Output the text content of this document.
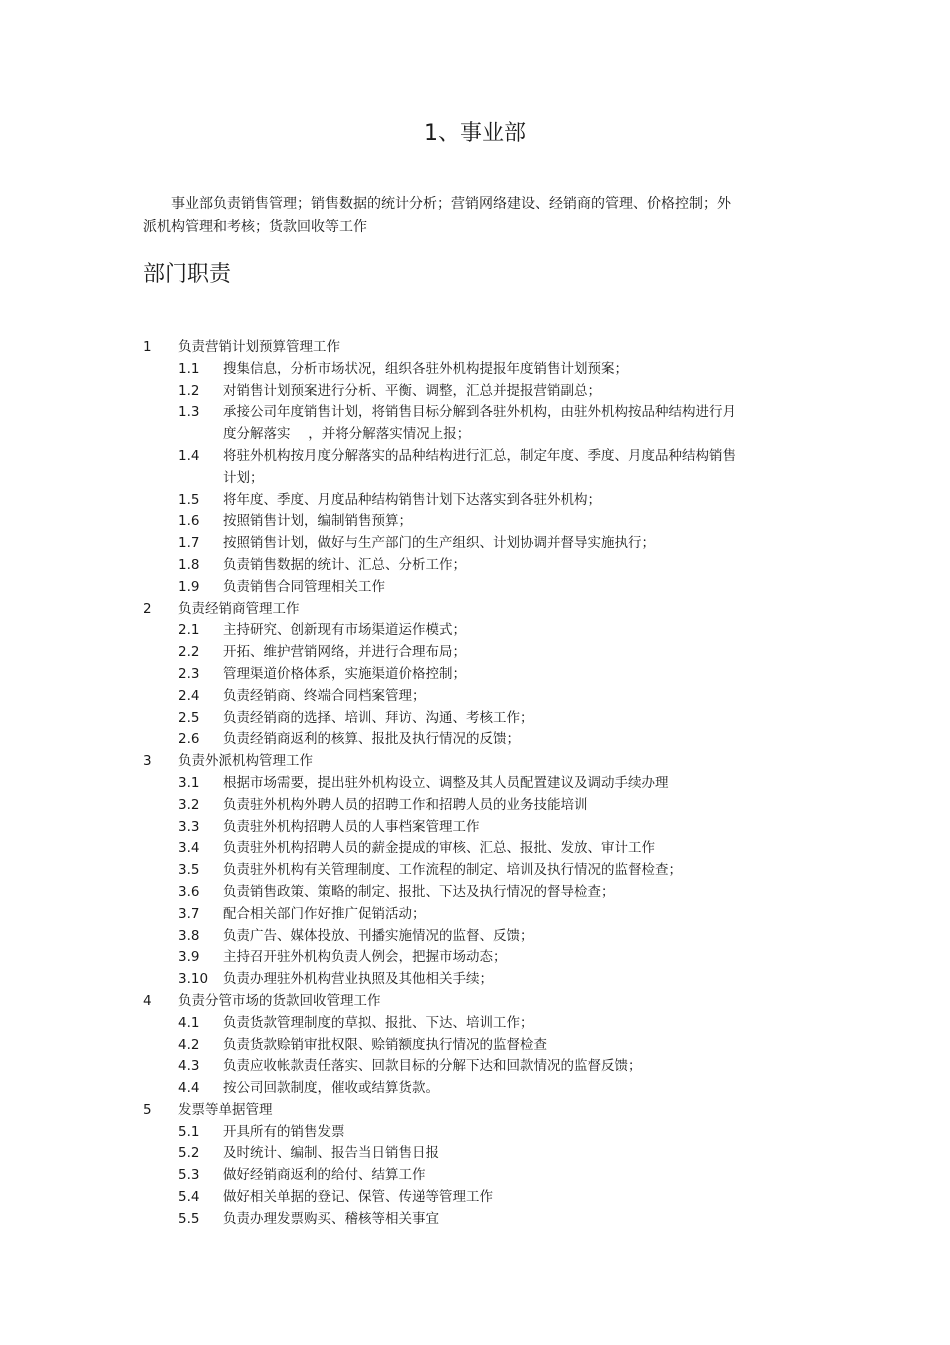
1、事业部

事业部负责销售管理；销售数据的统计分析；营销网络建设、经销商的管理、价格控制；外派机构管理和考核；货款回收等工作

部门职责
1	负责营销计划预算管理工作
1.1	搜集信息，分析市场状况，组织各驻外机构提报年度销售计划预案；
1.2	对销售计划预案进行分析、平衡、调整，汇总并提报营销副总；
1.3	承接公司年度销售计划，将销售目标分解到各驻外机构，由驻外机构按品种结构进行月度分解落实　 ，并将分解落实情况上报；
1.4	将驻外机构按月度分解落实的品种结构进行汇总，制定年度、季度、月度品种结构销售计划；
1.5	将年度、季度、月度品种结构销售计划下达落实到各驻外机构；
1.6	按照销售计划，编制销售预算；
1.7	按照销售计划，做好与生产部门的生产组织、计划协调并督导实施执行；
1.8	负责销售数据的统计、汇总、分析工作；
1.9	负责销售合同管理相关工作
2	负责经销商管理工作
2.1	主持研究、创新现有市场渠道运作模式；
2.2	开拓、维护营销网络，并进行合理布局；
2.3	管理渠道价格体系，实施渠道价格控制；
2.4	负责经销商、终端合同档案管理；
2.5	负责经销商的选择、培训、拜访、沟通、考核工作；
2.6	负责经销商返利的核算、报批及执行情况的反馈；
3	负责外派机构管理工作
3.1	根据市场需要，提出驻外机构设立、调整及其人员配置建议及调动手续办理
3.2	负责驻外机构外聘人员的招聘工作和招聘人员的业务技能培训
3.3	负责驻外机构招聘人员的人事档案管理工作
3.4	负责驻外机构招聘人员的薪金提成的审核、汇总、报批、发放、审计工作
3.5	负责驻外机构有关管理制度、工作流程的制定、培训及执行情况的监督检查；
3.6	负责销售政策、策略的制定、报批、下达及执行情况的督导检查；
3.7	配合相关部门作好推广促销活动；
3.8	负责广告、媒体投放、刊播实施情况的监督、反馈；
3.9	主持召开驻外机构负责人例会，把握市场动态；
3.10	负责办理驻外机构营业执照及其他相关手续；
4	负责分管市场的货款回收管理工作
4.1	负责货款管理制度的草拟、报批、下达、培训工作；
4.2	负责货款赊销审批权限、赊销额度执行情况的监督检查
4.3	负责应收帐款责任落实、回款目标的分解下达和回款情况的监督反馈；
4.4	按公司回款制度，催收或结算货款。
5	发票等单据管理
5.1	开具所有的销售发票
5.2	及时统计、编制、报告当日销售日报
5.3	做好经销商返利的给付、结算工作
5.4	做好相关单据的登记、保管、传递等管理工作
5.5	负责办理发票购买、稽核等相关事宜
